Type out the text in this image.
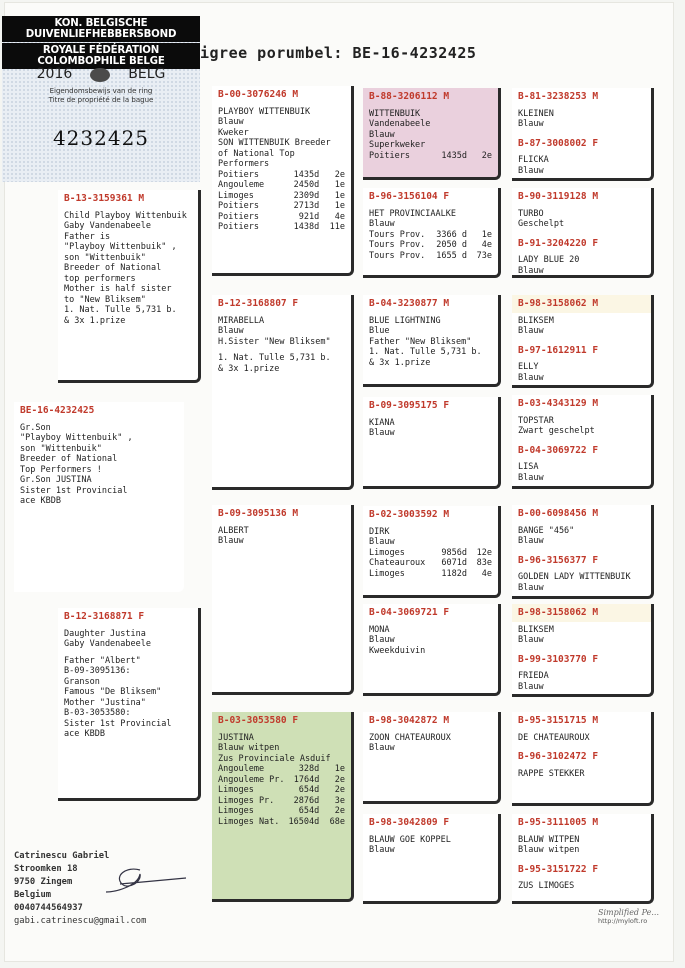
KON. BELGISCHE DUIVENLIEFHEBBERSBOND
ROYALE FÉDÉRATION COLOMBOPHILE BELGE
2016	BELG
Eigendomsbewijs van de ring
Titre de propriété de la bague
4232425
igree porumbel: BE-16-4232425
BE-16-4232425
Gr.Son
"Playboy Wittenbuik" ,
son "Wittenbuik"
Breeder of National
Top Performers !
Gr.Son JUSTINA
Sister 1st Provincial
ace KBDB
B-13-3159361 M
Child Playboy Wittenbuik
Gaby Vandenabeele
Father is
"Playboy Wittenbuik" ,
son "Wittenbuik"
Breeder of National
top performers
Mother is half sister
to "New Bliksem"
1. Nat. Tulle 5,731 b.
& 3x 1.prize
B-12-3168871 F
Daughter Justina
Gaby Vandenabeele
Father "Albert"
B-09-3095136:
Granson
Famous "De Bliksem"
Mother "Justina"
B-03-3053580:
Sister 1st Provincial
ace KBDB
B-00-3076246 M
PLAYBOY WITTENBUIK
Blauw
Kweker
SON WITTENBUIK Breeder
of National Top
Performers
Poitiers	1435d	2e
Angouleme	2450d	1e
Limoges	2309d	1e
Poitiers	2713d	1e
Poitiers	921d	4e
Poitiers	1438d	11e
B-12-3168807 F
MIRABELLA
Blauw
H.Sister "New Bliksem"
1. Nat. Tulle 5,731 b.
& 3x 1.prize
B-09-3095136 M
ALBERT
Blauw
B-03-3053580 F
JUSTINA
Blauw witpen
Zus Provinciale Asduif
Angouleme	328d	1e
Angouleme Pr.	1764d	2e
Limoges	654d	2e
Limoges Pr.	2876d	3e
Limoges	654d	2e
Limoges Nat.	16504d	68e
B-88-3206112 M
WITTENBUIK
Vandenabeele
Blauw
Superkweker
Poitiers	1435d	2e
B-96-3156104 F
HET PROVINCIAALKE
Blauw
Tours Prov.	3366 d	1e
Tours Prov.	2050 d	4e
Tours Prov.	1655 d	73e
B-04-3230877 M
BLUE LIGHTNING
Blue
Father "New Bliksem"
1. Nat. Tulle 5,731 b.
& 3x 1.prize
B-09-3095175 F
KIANA
Blauw
B-02-3003592 M
DIRK
Blauw
Limoges	9856d	12e
Chateauroux	6071d	83e
Limoges	1182d	4e
B-04-3069721 F
MONA
Blauw
Kweekduivin
B-98-3042872 M
ZOON CHATEAUROUX
Blauw
B-98-3042809 F
BLAUW GOE KOPPEL
Blauw
B-81-3238253 M
KLEINEN
Blauw
B-87-3008002 F
FLICKA
Blauw
B-90-3119128 M
TURBO
Geschelpt
B-91-3204220 F
LADY BLUE 20
Blauw
B-98-3158062 M
BLIKSEM
Blauw
B-97-1612911 F
ELLY
Blauw
B-03-4343129 M
TOPSTAR
Zwart geschelpt
B-04-3069722 F
LISA
Blauw
B-00-6098456 M
BANGE "456"
Blauw
B-96-3156377 F
GOLDEN LADY WITTENBUIK
Blauw
B-98-3158062 M
BLIKSEM
Blauw
B-99-3103770 F
FRIEDA
Blauw
B-95-3151715 M
DE CHATEAUROUX
B-96-3102472 F
RAPPE STEKKER
B-95-3111005 M
BLAUW WITPEN
Blauw witpen
B-95-3151722 F
ZUS LIMOGES
Catrinescu Gabriel
Stroomken 18
9750 Zingem
Belgium
0040744564937
gabi.catrinescu@gmail.com
Simplified Pe...
http://myloft.ro
